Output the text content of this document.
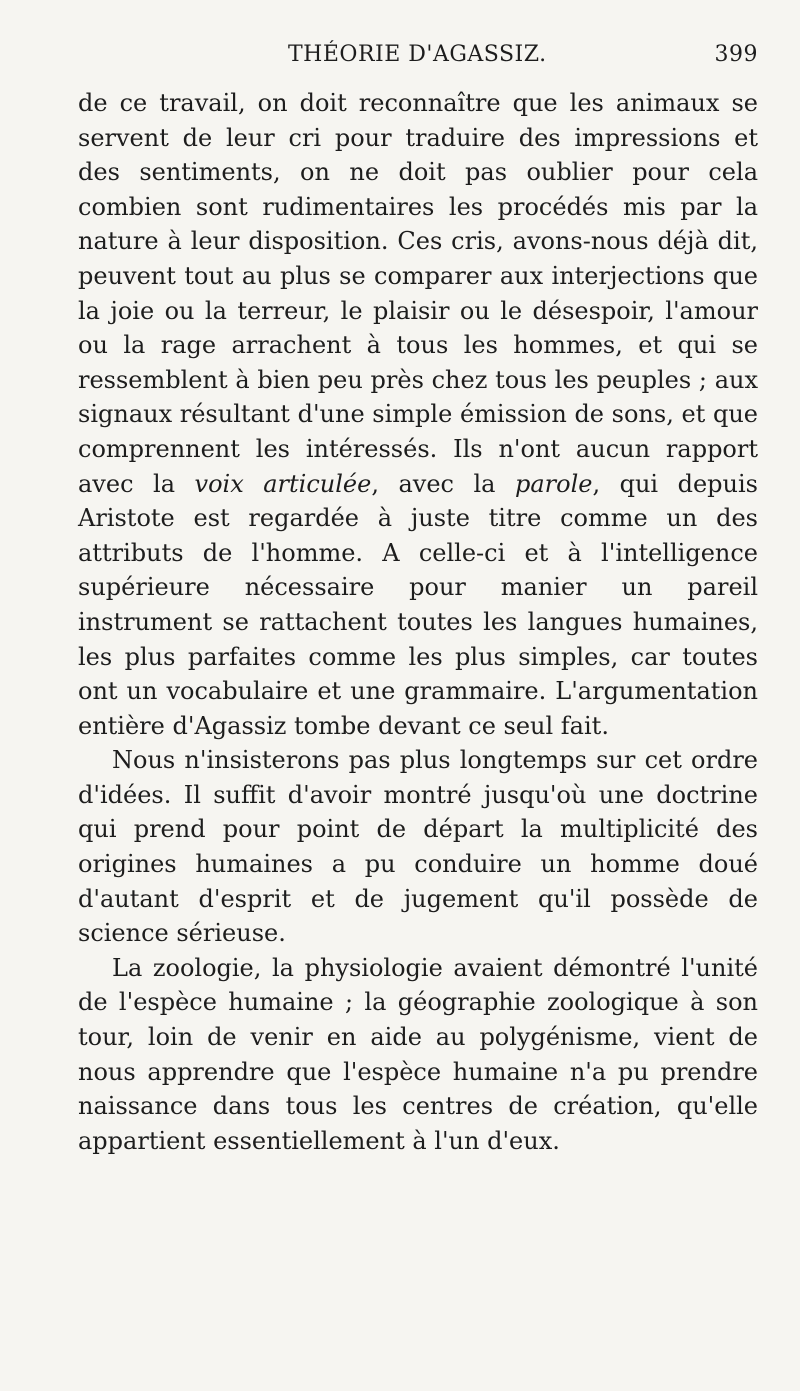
THÉORIE D'AGASSIZ.	399

de ce travail, on doit reconnaître que les animaux se servent de leur cri pour traduire des impressions et des sentiments, on ne doit pas oublier pour cela combien sont rudimentaires les procédés mis par la nature à leur disposition. Ces cris, avons-nous déjà dit, peuvent tout au plus se comparer aux interjections que la joie ou la terreur, le plaisir ou le désespoir, l'amour ou la rage arrachent à tous les hommes, et qui se ressemblent à bien peu près chez tous les peuples ; aux signaux résultant d'une simple émission de sons, et que comprennent les intéressés. Ils n'ont aucun rapport avec la voix articulée, avec la parole, qui depuis Aristote est regardée à juste titre comme un des attributs de l'homme. A celle-ci et à l'intelligence supérieure nécessaire pour manier un pareil instrument se rattachent toutes les langues humaines, les plus parfaites comme les plus simples, car toutes ont un vocabulaire et une grammaire. L'argumentation entière d'Agassiz tombe devant ce seul fait.

Nous n'insisterons pas plus longtemps sur cet ordre d'idées. Il suffit d'avoir montré jusqu'où une doctrine qui prend pour point de départ la multiplicité des origines humaines a pu conduire un homme doué d'autant d'esprit et de jugement qu'il possède de science sérieuse.

La zoologie, la physiologie avaient démontré l'unité de l'espèce humaine ; la géographie zoologique à son tour, loin de venir en aide au polygénisme, vient de nous apprendre que l'espèce humaine n'a pu prendre naissance dans tous les centres de création, qu'elle appartient essentiellement à l'un d'eux.
